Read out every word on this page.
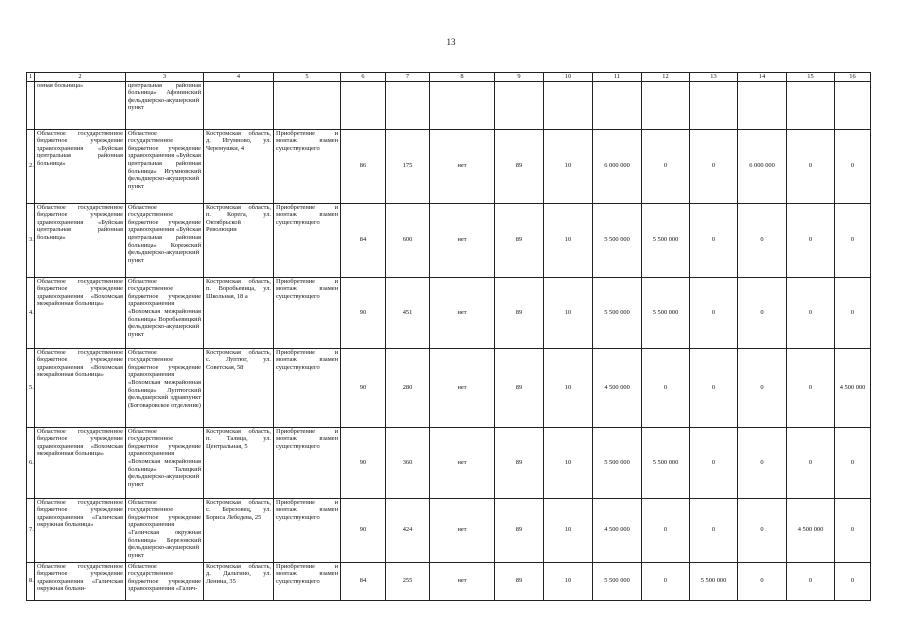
13
1	2	3	4	5	6	7	8	9	10	11	12	13	14	15	16
	онная больница»	центральная районная больница» Афонинский фельдшерско-акушерский пункт													
2.	Областное государственное бюджетное учреждение здравоохранения «Буйская центральная районная больница»	Областное государственное бюджетное учреждение здравоохранения «Буйская центральная районная больница» Игумновский фельдшерско-акушерский пункт	Костромская область, д. Игумново, ул. Черемушки, 4	Приобретение и монтаж взамен существующего	86	175	нет	89	10	6 000 000	0	0	6 000 000	0	0
3.	Областное государственное бюджетное учреждение здравоохранения «Буйская центральная районная больница»	Областное государственное бюджетное учреждение здравоохранения «Буйская центральная районная больница» Корежский фельдшерско-акушерский пункт	Костромская область, п. Корега, ул. Октябрьской Революции	Приобретение и монтаж взамен существующего	84	600	нет	89	10	5 500 000	5 500 000	0	0	0	0
4.	Областное государственное бюджетное учреждение здравоохранения «Вохомская межрайонная больница»	Областное государственное бюджетное учреждение здравоохранения «Вохомская межрайонная больница» Воробьевицкий фельдшерско-акушерский пункт	Костромская область, п. Воробьевица, ул. Школьная, 18 а	Приобретение и монтаж взамен существующего	90	451	нет	89	10	5 500 000	5 500 000	0	0	0	0
5.	Областное государственное бюджетное учреждение здравоохранения «Вохомская межрайонная больница»	Областное государственное бюджетное учреждение здравоохранения «Вохомская межрайонная больница» Луптюгский фельдшерский здравпункт (Боговаровское отделение)	Костромская область, с. Луптюг, ул. Советская, 58	Приобретение и монтаж взамен существующего	90	280	нет	89	10	4 500 000	0	0	0	0	4 500 000
6.	Областное государственное бюджетное учреждение здравоохранения «Вохомская межрайонная больница»	Областное государственное бюджетное учреждение здравоохранения «Вохомская межрайонная больница» Талицкий фельдшерско-акушерский пункт	Костромская область, п. Талица, ул. Центральная, 5	Приобретение и монтаж взамен существующего	90	360	нет	89	10	5 500 000	5 500 000	0	0	0	0
7.	Областное государственное бюджетное учреждение здравоохранения «Галичская окружная больница»	Областное государственное бюджетное учреждение здравоохранения «Галичская окружная больница» Березовский фельдшерско-акушерский пункт	Костромская область, с. Березовец, ул. Бориса Лебедева, 25	Приобретение и монтаж взамен существующего	90	424	нет	89	10	4 500 000	0	0	0	4 500 000	0
8.	Областное государственное бюджетное учреждение здравоохранения «Галичская окружная больни-	Областное государственное бюджетное учреждение здравоохранения «Галич-	Костромская область, д. Дальтино, ул. Ленина, 35	Приобретение и монтаж взамен существующего	84	255	нет	89	10	5 500 000	0	5 500 000	0	0	0
